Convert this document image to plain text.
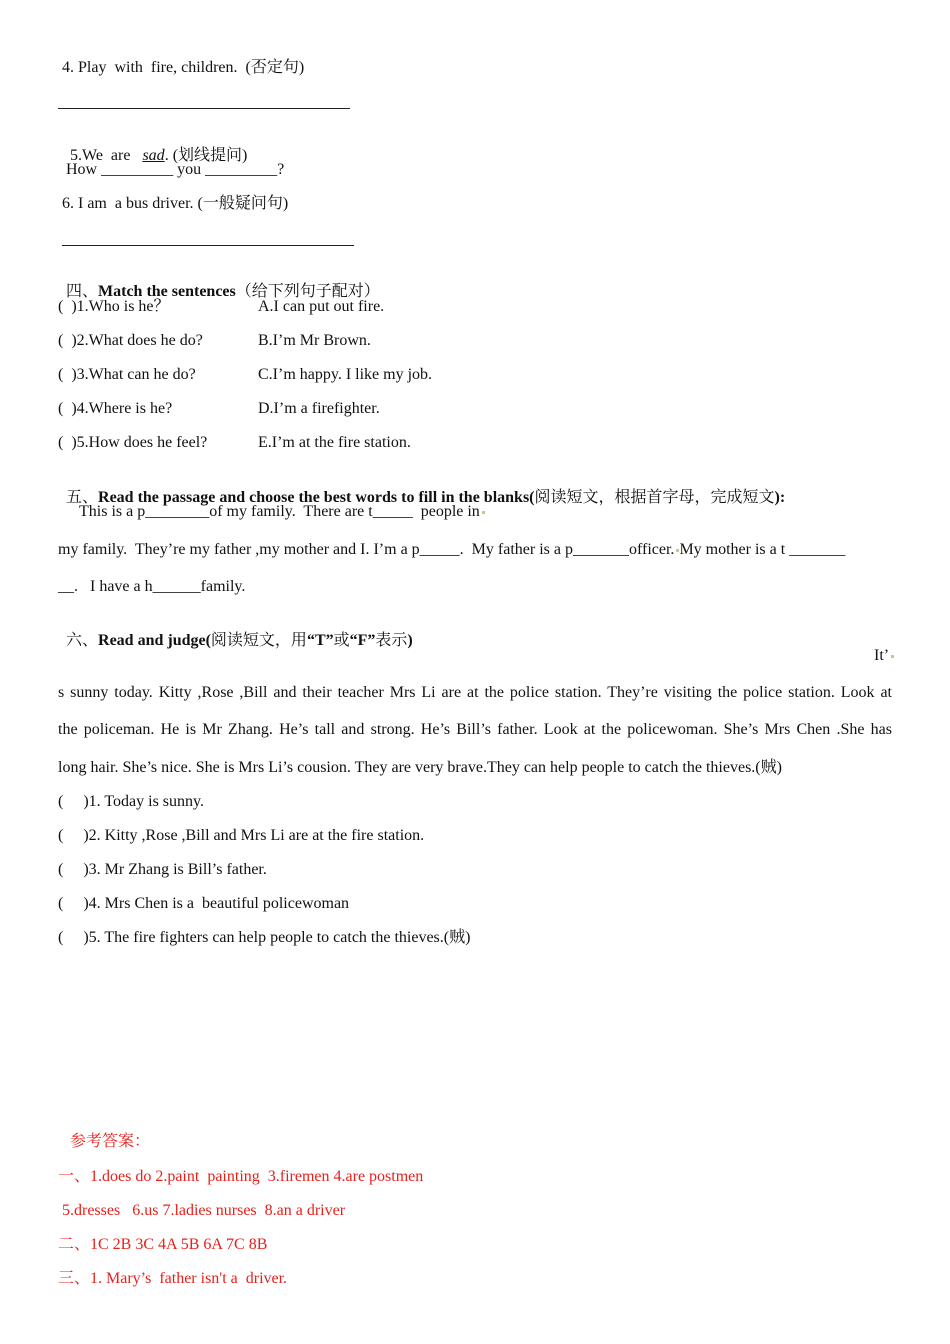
4. Play  with  fire, children.  (否定句)

5.We  are   sad. (划线提问)

How _________ you _________?
6. I am  a bus driver. (一般疑问句)

四、Match the sentences（给下列句子配对）

(  )1.Who is he？	A.I can put out fire.
(  )2.What does he do?	B.I’m Mr Brown.
(  )3.What can he do?	C.I’m happy. I like my job.
(  )4.Where is he?	D.I’m a firefighter.
(  )5.How does he feel?	E.I’m at the fire station.

五、Read the passage and choose the best words to fill in the blanks(阅读短文，根据首字母，完成短文):

This is a p________of my family.  There are t_____  people in
my family.  They’re my father ,my mother and I. I’m a p_____.  My father is a p_______officer. My mother is a t _______
__.   I have a h______family.

六、Read and judge(阅读短文，用“T”或“F”表示)

It’
s sunny today. Kitty ,Rose ,Bill and their teacher Mrs Li are at the police station. They’re visiting the police station. Look at
the policeman. He is Mr Zhang. He’s tall and strong. He’s Bill’s father. Look at the policewoman. She’s Mrs Chen .She has
long hair. She’s nice. She is Mrs Li’s cousion. They are very brave.They can help people to catch the thieves.(贼)
(     )1. Today is sunny.
(     )2. Kitty ,Rose ,Bill and Mrs Li are at the fire station.
(     )3. Mr Zhang is Bill’s father.
(     )4. Mrs Chen is a  beautiful policewoman
(     )5. The fire fighters can help people to catch the thieves.(贼)
参考答案：
一、1.does do 2.paint  painting  3.firemen 4.are postmen
5.dresses   6.us 7.ladies nurses  8.an a driver
二、1C 2B 3C 4A 5B 6A 7C 8B
三、1. Mary’s  father isn't a  driver.
